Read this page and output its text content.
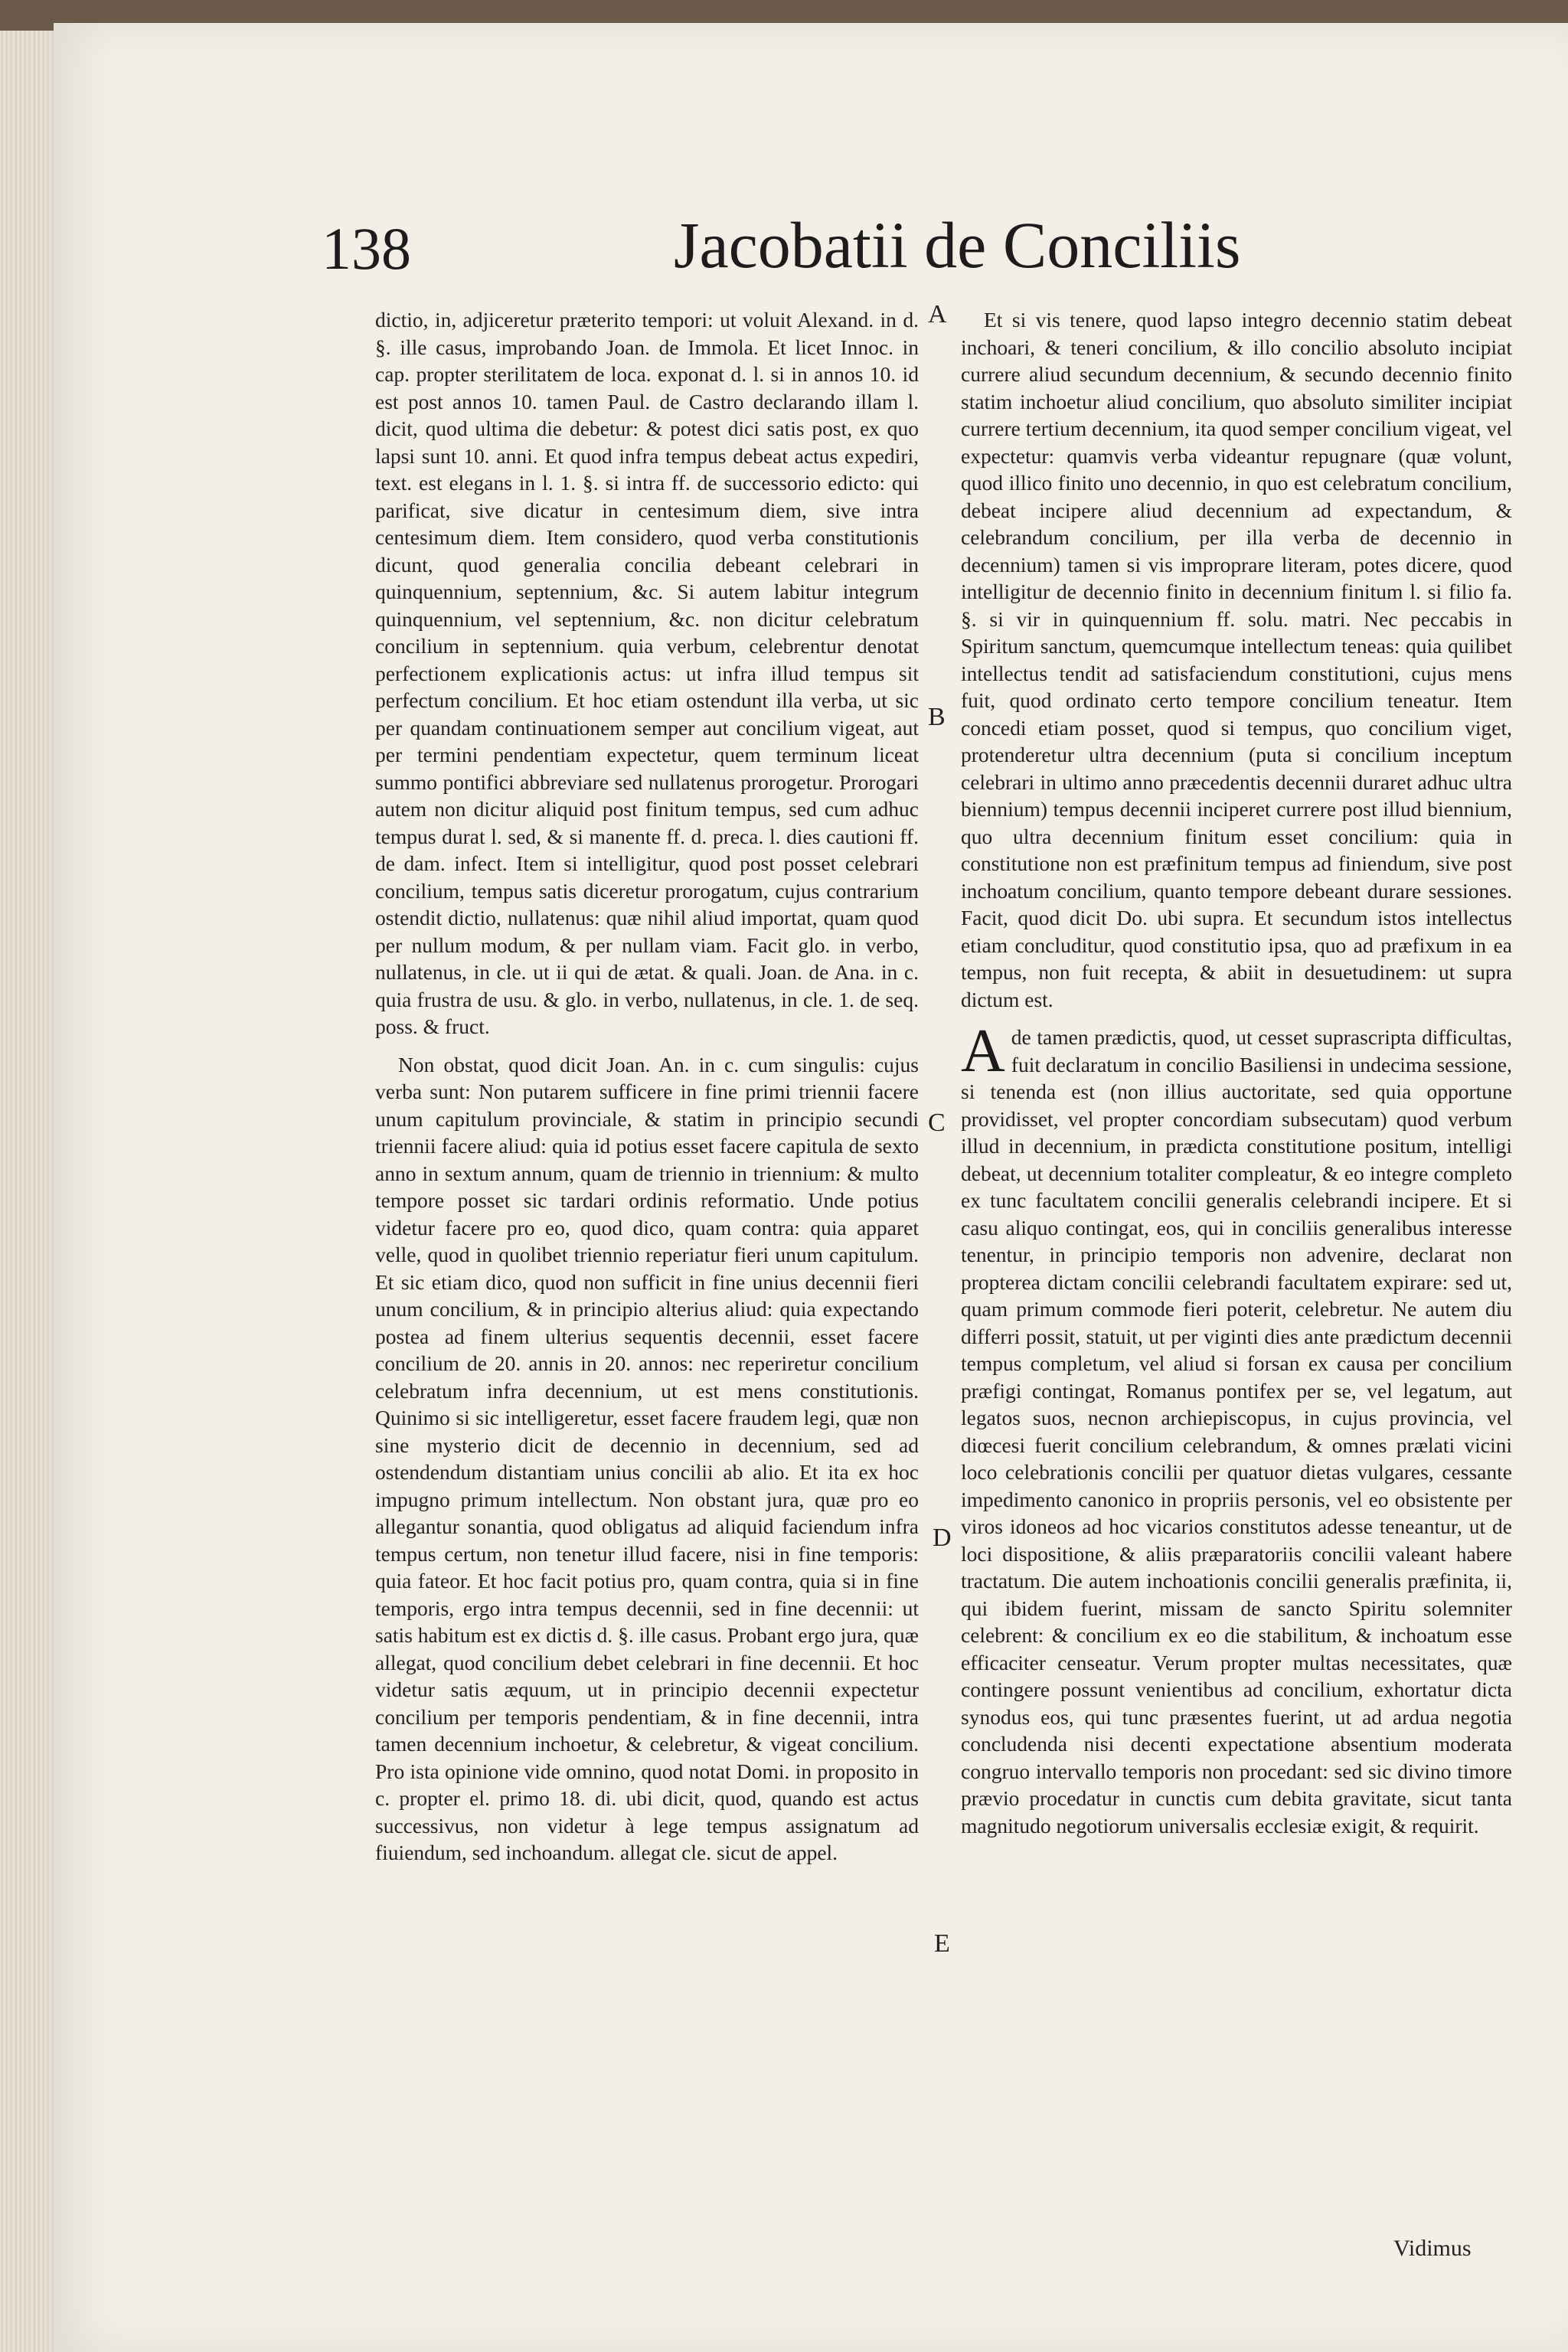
138	Jacobatii de Conciliis

dictio, in, adjiceretur præterito tempori: ut voluit Alexand. in d. §. ille casus, improbando Joan. de Immola. Et licet Innoc. in cap. propter sterilitatem de loca. exponat d. l. si in annos 10. id est post annos 10. tamen Paul. de Castro declarando illam l. dicit, quod ultima die debetur: & potest dici satis post, ex quo lapsi sunt 10. anni. Et quod infra tempus debeat actus expediri, text. est elegans in l. 1. §. si intra ff. de successorio edicto: qui parificat, sive dicatur in centesimum diem, sive intra centesimum diem. Item considero, quod verba constitutionis dicunt, quod generalia concilia debeant celebrari in quinquennium, septennium, &c. Si autem labitur integrum quinquennium, vel septennium, &c. non dicitur celebratum concilium in septennium. quia verbum, celebrentur denotat perfectionem explicationis actus: ut infra illud tempus sit perfectum concilium. Et hoc etiam ostendunt illa verba, ut sic per quandam continuationem semper aut concilium vigeat, aut per termini pendentiam expectetur, quem terminum liceat summo pontifici abbreviare sed nullatenus prorogetur. Prorogari autem non dicitur aliquid post finitum tempus, sed cum adhuc tempus durat l. sed, & si manente ff. d. preca. l. dies cautioni ff. de dam. infect. Item si intelligitur, quod post posset celebrari concilium, tempus satis diceretur prorogatum, cujus contrarium ostendit dictio, nullatenus: quæ nihil aliud importat, quam quod per nullum modum, & per nullam viam. Facit glo. in verbo, nullatenus, in cle. ut ii qui de ætat. & quali. Joan. de Ana. in c. quia frustra de usu. & glo. in verbo, nullatenus, in cle. 1. de seq. poss. & fruct.

Non obstat, quod dicit Joan. An. in c. cum singulis: cujus verba sunt: Non putarem sufficere in fine primi triennii facere unum capitulum provinciale, & statim in principio secundi triennii facere aliud: quia id potius esset facere capitula de sexto anno in sextum annum, quam de triennio in triennium: & multo tempore posset sic tardari ordinis reformatio. Unde potius videtur facere pro eo, quod dico, quam contra: quia apparet velle, quod in quolibet triennio reperiatur fieri unum capitulum. Et sic etiam dico, quod non sufficit in fine unius decennii fieri unum concilium, & in principio alterius aliud: quia expectando postea ad finem ulterius sequentis decennii, esset facere concilium de 20. annis in 20. annos: nec reperiretur concilium celebratum infra decennium, ut est mens constitutionis. Quinimo si sic intelligeretur, esset facere fraudem legi, quæ non sine mysterio dicit de decennio in decennium, sed ad ostendendum distantiam unius concilii ab alio. Et ita ex hoc impugno primum intellectum. Non obstant jura, quæ pro eo allegantur sonantia, quod obligatus ad aliquid faciendum infra tempus certum, non tenetur illud facere, nisi in fine temporis: quia fateor. Et hoc facit potius pro, quam contra, quia si in fine temporis, ergo intra tempus decennii, sed in fine decennii: ut satis habitum est ex dictis d. §. ille casus. Probant ergo jura, quæ allegat, quod concilium debet celebrari in fine decennii. Et hoc videtur satis æquum, ut in principio decennii expectetur concilium per temporis pendentiam, & in fine decennii, intra tamen decennium inchoetur, & celebretur, & vigeat concilium. Pro ista opinione vide omnino, quod notat Domi. in proposito in c. propter el. primo 18. di. ubi dicit, quod, quando est actus successivus, non videtur à lege tempus assignatum ad fiuiendum, sed inchoandum. allegat cle. sicut de appel.

Et si vis tenere, quod lapso integro decennio statim debeat inchoari, & teneri concilium, & illo concilio absoluto incipiat currere aliud secundum decennium, & secundo decennio finito statim inchoetur aliud concilium, quo absoluto similiter incipiat currere tertium decennium, ita quod semper concilium vigeat, vel expectetur: quamvis verba videantur repugnare (quæ volunt, quod illico finito uno decennio, in quo est celebratum concilium, debeat incipere aliud decennium ad expectandum, & celebrandum concilium, per illa verba de decennio in decennium) tamen si vis improprare literam, potes dicere, quod intelligitur de decennio finito in decennium finitum l. si filio fa. §. si vir in quinquennium ff. solu. matri. Nec peccabis in Spiritum sanctum, quemcumque intellectum teneas: quia quilibet intellectus tendit ad satisfaciendum constitutioni, cujus mens fuit, quod ordinato certo tempore concilium teneatur. Item concedi etiam posset, quod si tempus, quo concilium viget, protenderetur ultra decennium (puta si concilium inceptum celebrari in ultimo anno præcedentis decennii duraret adhuc ultra biennium) tempus decennii inciperet currere post illud biennium, quo ultra decennium finitum esset concilium: quia in constitutione non est præfinitum tempus ad finiendum, sive post inchoatum concilium, quanto tempore debeant durare sessiones. Facit, quod dicit Do. ubi supra. Et secundum istos intellectus etiam concluditur, quod constitutio ipsa, quo ad præfixum in ea tempus, non fuit recepta, & abiit in desuetudinem: ut supra dictum est.

Ade tamen prædictis, quod, ut cesset suprascripta difficultas, fuit declaratum in concilio Basiliensi in undecima sessione, si tenenda est (non illius auctoritate, sed quia opportune providisset, vel propter concordiam subsecutam) quod verbum illud in decennium, in prædicta constitutione positum, intelligi debeat, ut decennium totaliter compleatur, & eo integre completo ex tunc facultatem concilii generalis celebrandi incipere. Et si casu aliquo contingat, eos, qui in conciliis generalibus interesse tenentur, in principio temporis non advenire, declarat non propterea dictam concilii celebrandi facultatem expirare: sed ut, quam primum commode fieri poterit, celebretur. Ne autem diu differri possit, statuit, ut per viginti dies ante prædictum decennii tempus completum, vel aliud si forsan ex causa per concilium præfigi contingat, Romanus pontifex per se, vel legatum, aut legatos suos, necnon archiepiscopus, in cujus provincia, vel diœcesi fuerit concilium celebrandum, & omnes prælati vicini loco celebrationis concilii per quatuor dietas vulgares, cessante impedimento canonico in propriis personis, vel eo obsistente per viros idoneos ad hoc vicarios constitutos adesse teneantur, ut de loci dispositione, & aliis præparatoriis concilii valeant habere tractatum. Die autem inchoationis concilii generalis præfinita, ii, qui ibidem fuerint, missam de sancto Spiritu solemniter celebrent: & concilium ex eo die stabilitum, & inchoatum esse efficaciter censeatur. Verum propter multas necessitates, quæ contingere possunt venientibus ad concilium, exhortatur dicta synodus eos, qui tunc præsentes fuerint, ut ad ardua negotia concludenda nisi decenti expectatione absentium moderata congruo intervallo temporis non procedant: sed sic divino timore prævio procedatur in cunctis cum debita gravitate, sicut tanta magnitudo negotiorum universalis ecclesiæ exigit, & requirit.

A
B
C
D
E
Vidimus
